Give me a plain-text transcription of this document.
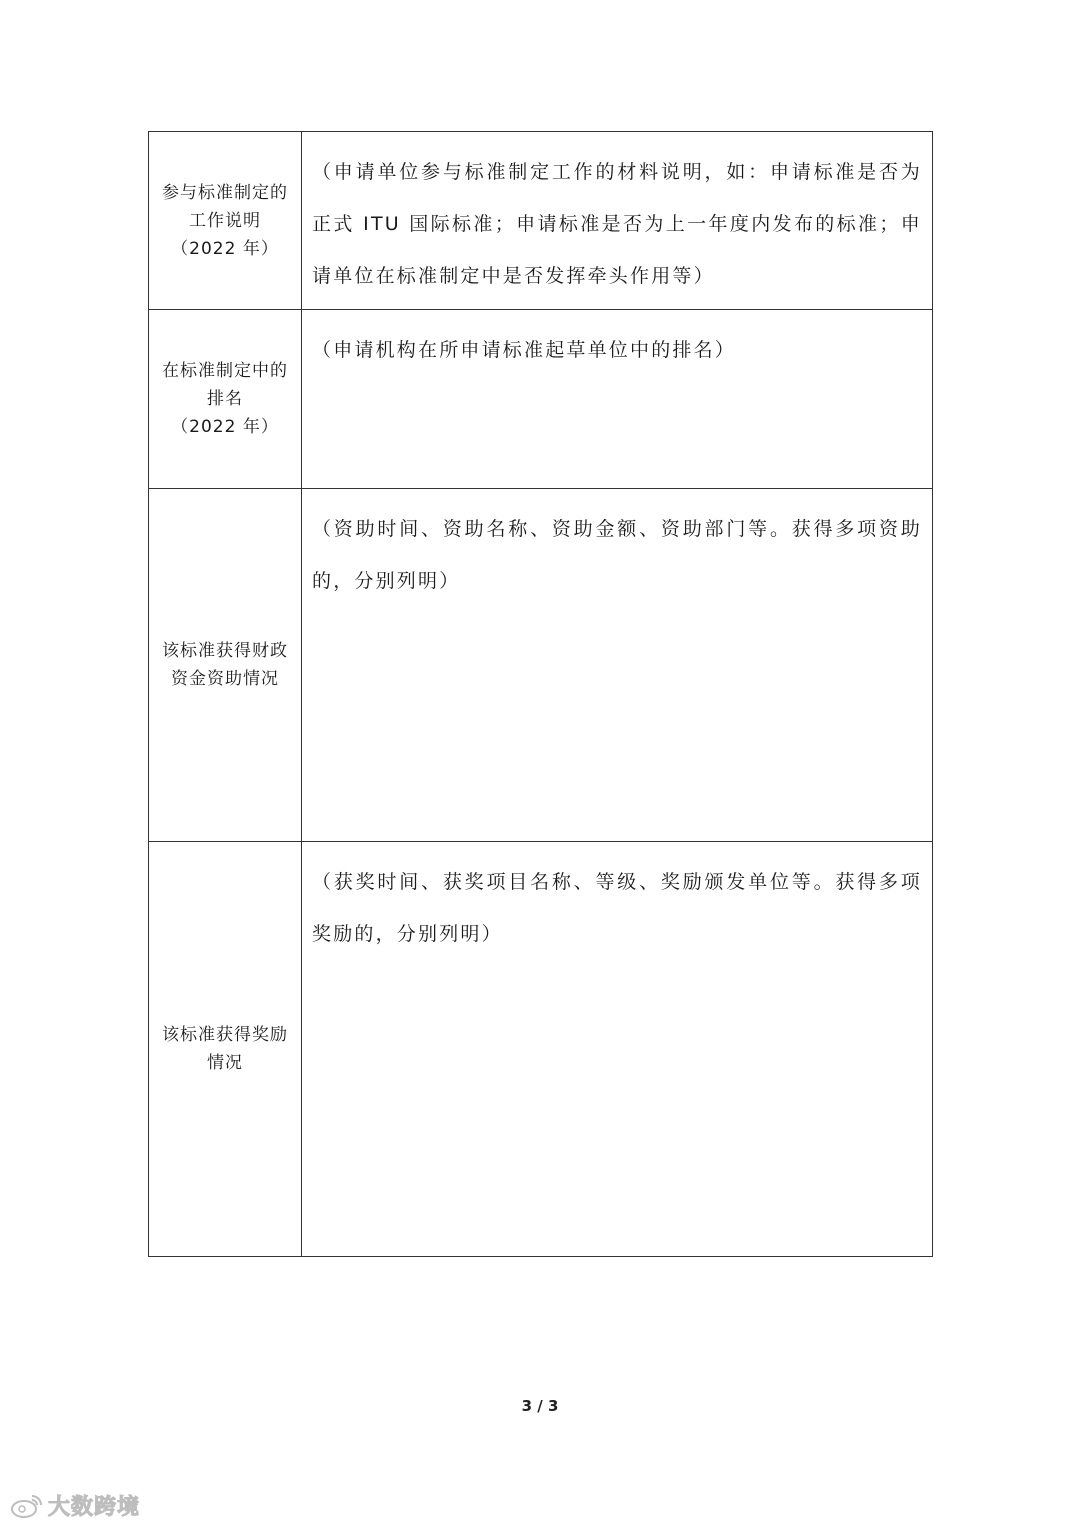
参与标准制定的
工作说明
（2022 年）	（申请单位参与标准制定工作的材料说明，如：申请标准是否为正式 ITU 国际标准；申请标准是否为上一年度内发布的标准；申请单位在标准制定中是否发挥牵头作用等）

在标准制定中的
排名
（2022 年）	（申请机构在所申请标准起草单位中的排名）

该标准获得财政
资金资助情况	（资助时间、资助名称、资助金额、资助部门等。获得多项资助的，分别列明）

该标准获得奖励
情况	（获奖时间、获奖项目名称、等级、奖励颁发单位等。获得多项奖励的，分别列明）
3 / 3
大数跨境
